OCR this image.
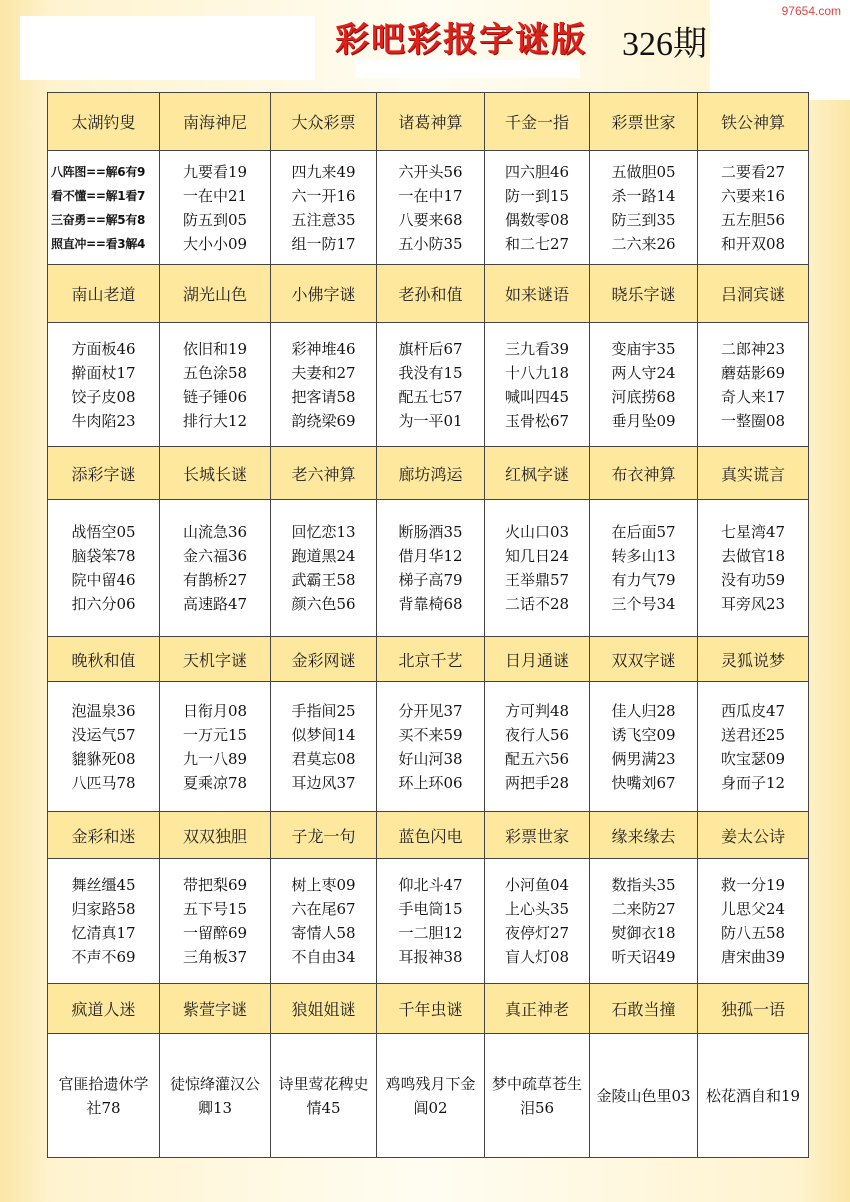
彩吧彩报字谜版 326期
97654.com
太湖钓叟	南海神尼	大众彩票	诸葛神算	千金一指	彩票世家	铁公神算

八阵图==解6有9
看不懂==解1看7
三奋勇==解5有8
照直冲==看3解4	九要看19
一在中21
防五到05
大小小09	四九来49
六一开16
五注意35
组一防17	六开头56
一在中17
八要来68
五小防35	四六胆46
防一到15
偶数零08
和二七27	五做胆05
杀一路14
防三到35
二六来26	二要看27
六要来16
五左胆56
和开双08

南山老道	湖光山色	小佛字谜	老孙和值	如来谜语	晓乐字谜	吕洞宾谜

方面板46
擀面杖17
饺子皮08
牛肉陷23	依旧和19
五色涂58
链子锤06
排行大12	彩神堆46
夫妻和27
把客请58
韵绕梁69	旗杆后67
我没有15
配五七57
为一平01	三九看39
十八九18
喊叫四45
玉骨松67	变庙宇35
两人守24
河底捞68
垂月坠09	二郎神23
蘑菇影69
奇人来17
一整圈08

添彩字谜	长城长谜	老六神算	廊坊鸿运	红枫字谜	布衣神算	真实谎言

战悟空05
脑袋笨78
院中留46
扣六分06	山流急36
金六福36
有鹊桥27
高速路47	回忆恋13
跑道黑24
武霸王58
颜六色56	断肠酒35
借月华12
梯子高79
背靠椅68	火山口03
知几日24
王举鼎57
二话不28	在后面57
转多山13
有力气79
三个号34	七星湾47
去做官18
没有功59
耳旁风23

晚秋和值	天机字谜	金彩网谜	北京千艺	日月通谜	双双字谜	灵狐说梦

泡温泉36
没运气57
貔貅死08
八匹马78	日衔月08
一万元15
九一八89
夏乘凉78	手指间25
似梦间14
君莫忘08
耳边风37	分开见37
买不来59
好山河38
环上环06	方可判48
夜行人56
配五六56
两把手28	佳人归28
诱飞空09
俩男满23
快嘴刘67	西瓜皮47
送君还25
吹宝瑟09
身而子12

金彩和迷	双双独胆	子龙一句	蓝色闪电	彩票世家	缘来缘去	姜太公诗

舞丝缰45
归家路58
忆清真17
不声不69	带把梨69
五下号15
一留醉69
三角板37	树上枣09
六在尾67
寄情人58
不自由34	仰北斗47
手电筒15
一二胆12
耳报神38	小河鱼04
上心头35
夜停灯27
盲人灯08	数指头35
二来防27
熨御衣18
听天诏49	救一分19
儿思父24
防八五58
唐宋曲39

疯道人迷	紫萱字谜	狼姐姐谜	千年虫谜	真正神老	石敢当撞	独孤一语

官匪拾遗休学社78	徒惊绛灌汉公卿13	诗里莺花稗史情45	鸡鸣残月下金阊02	梦中疏草苍生泪56	金陵山色里03	松花酒自和19
